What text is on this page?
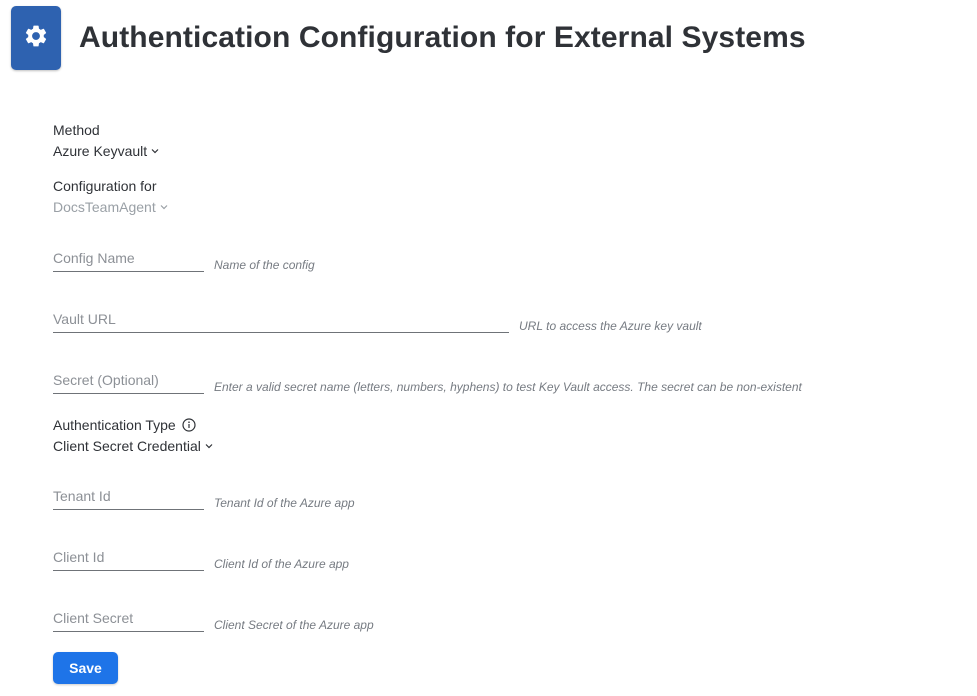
Authentication Configuration for External Systems
Method
Azure Keyvault
Configuration for
DocsTeamAgent
Config Name
Name of the config
Vault URL
URL to access the Azure key vault
Secret (Optional)
Enter a valid secret name (letters, numbers, hyphens) to test Key Vault access. The secret can be non-existent
Authentication Type
Client Secret Credential
Tenant Id
Tenant Id of the Azure app
Client Id
Client Id of the Azure app
Client Secret of the Azure app
Save
